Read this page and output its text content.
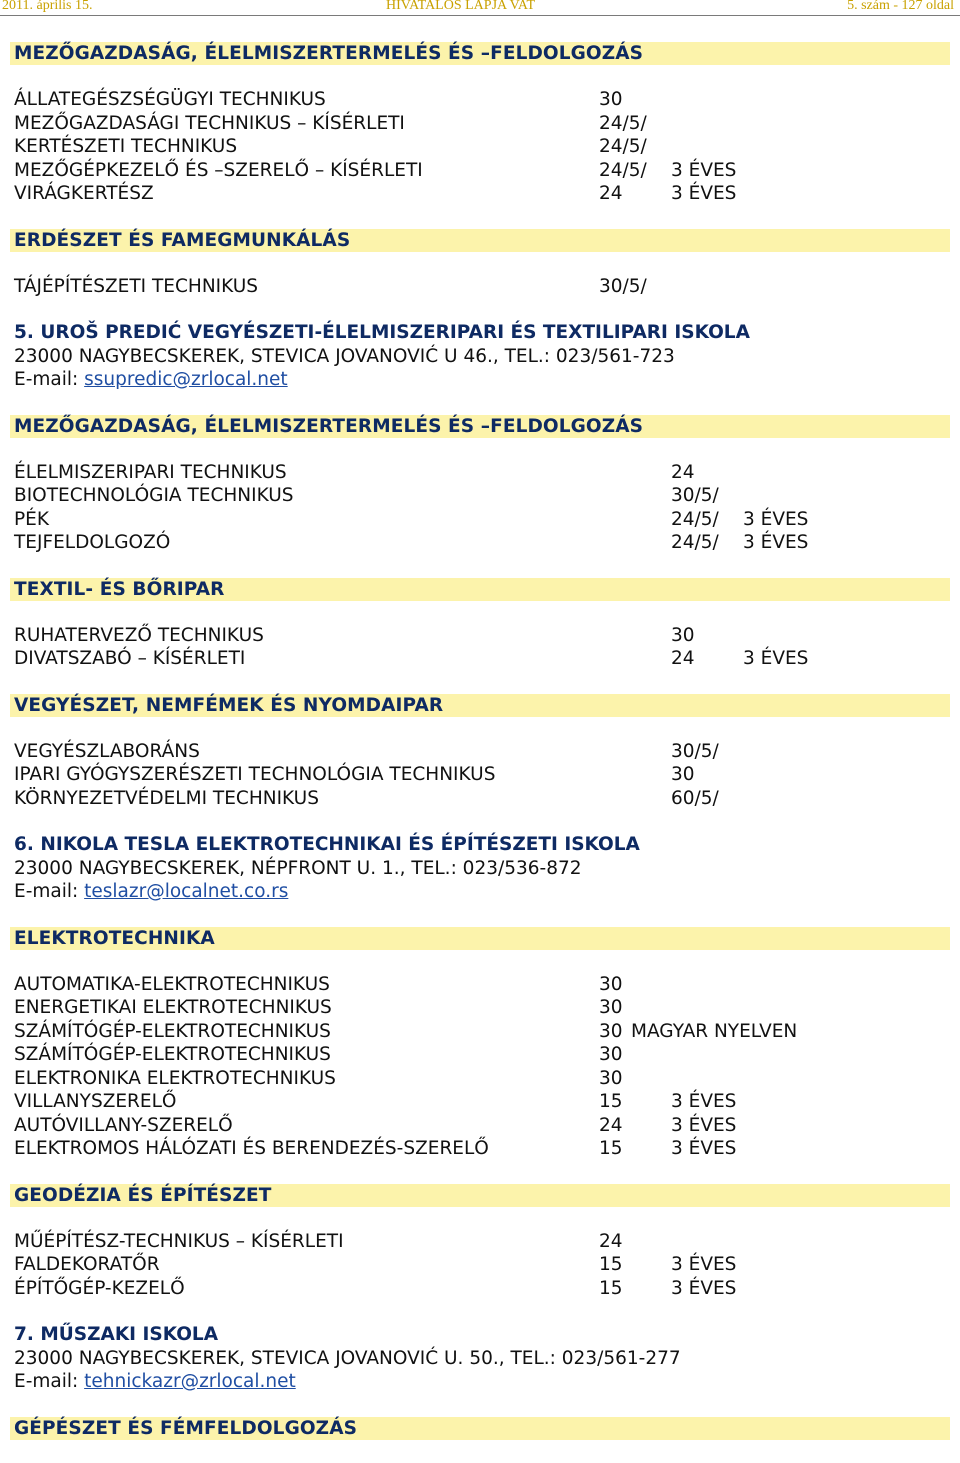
2011. április 15.	HIVATALOS LAPJA VAT	5. szám - 127 oldal
MEZŐGAZDASÁG, ÉLELMISZERTERMELÉS ÉS –FELDOLGOZÁS
ÁLLATEGÉSZSÉGÜGYI TECHNIKUS	30
MEZŐGAZDASÁGI TECHNIKUS – KÍSÉRLETI	24/5/
KERTÉSZETI TECHNIKUS	24/5/
MEZŐGÉPKEZELŐ ÉS –SZERELŐ – KÍSÉRLETI	24/5/ 3 ÉVES
VIRÁGKERTÉSZ	24	3 ÉVES
ERDÉSZET ÉS FAMEGMUNKÁLÁS
TÁJÉPÍTÉSZETI TECHNIKUS	30/5/
5. UROŠ PREDIĆ VEGYÉSZETI-ÉLELMISZERIPARI ÉS TEXTILIPARI ISKOLA
23000 NAGYBECSKEREK, STEVICA JOVANOVIĆ U 46., TEL.: 023/561-723
E-mail: ssupredic@zrlocal.net
MEZŐGAZDASÁG, ÉLELMISZERTERMELÉS ÉS –FELDOLGOZÁS
ÉLELMISZERIPARI TECHNIKUS	24
BIOTECHNOLÓGIA TECHNIKUS	30/5/
PÉK	24/5/ 3 ÉVES
TEJFELDOLGOZÓ	24/5/ 3 ÉVES
TEXTIL- ÉS BŐRIPAR
RUHATERVEZŐ TECHNIKUS	30
DIVATSZABÓ – KÍSÉRLETI	24	3 ÉVES
VEGYÉSZET, NEMFÉMEK ÉS NYOMDAIPAR
VEGYÉSZLABORÁNS	30/5/
IPARI GYÓGYSZERÉSZETI TECHNOLÓGIA TECHNIKUS	30
KÖRNYEZETVÉDELMI TECHNIKUS	60/5/
6. NIKOLA TESLA ELEKTROTECHNIKAI ÉS ÉPÍTÉSZETI ISKOLA
23000 NAGYBECSKEREK, NÉPFRONT U. 1., TEL.: 023/536-872
E-mail: teslazr@localnet.co.rs
ELEKTROTECHNIKA
AUTOMATIKA-ELEKTROTECHNIKUS	30
ENERGETIKAI ELEKTROTECHNIKUS	30
SZÁMÍTÓGÉP-ELEKTROTECHNIKUS	30 MAGYAR NYELVEN
SZÁMÍTÓGÉP-ELEKTROTECHNIKUS	30
ELEKTRONIKA ELEKTROTECHNIKUS	30
VILLANYSZERELŐ	15	3 ÉVES
AUTÓVILLANY-SZERELŐ	24	3 ÉVES
ELEKTROMOS HÁLÓZATI ÉS BERENDEZÉS-SZERELŐ	15	3 ÉVES
GEODÉZIA ÉS ÉPÍTÉSZET
MŰÉPÍTÉSZ-TECHNIKUS – KÍSÉRLETI	24
FALDEKORATŐR	15	3 ÉVES
ÉPÍTŐGÉP-KEZELŐ	15	3 ÉVES
7. MŰSZAKI ISKOLA
23000 NAGYBECSKEREK, STEVICA JOVANOVIĆ U. 50., TEL.: 023/561-277
E-mail: tehnickazr@zrlocal.net
GÉPÉSZET ÉS FÉMFELDOLGOZÁS
